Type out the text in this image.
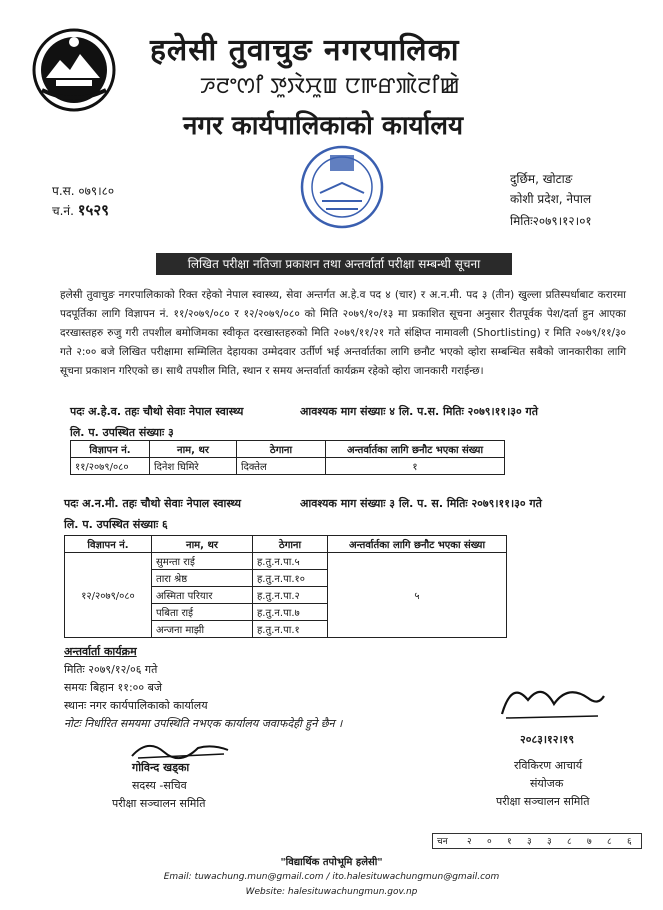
हलेसी तुवाचुङ नगरपालिका
ꯍꯂꯦꯁꯤ ꯇꯨꯋꯥꯆꯨꯡ ꯅꯒꯔꯄꯥꯂꯤꯀꯥ
नगर कार्यपालिकाको कार्यालय
प.स. ०७९।८०
च.नं. १५२९
दुर्छिम, खोटाङ
कोशी प्रदेश, नेपाल
मितिः२०७९।१२।०१
लिखित परीक्षा नतिजा प्रकाशन तथा अन्तर्वार्ता परीक्षा सम्बन्धी सूचना
हलेसी तुवाचुङ नगरपालिकाको रिक्त रहेको नेपाल स्वास्थ्य, सेवा अन्तर्गत अ.हे.व पद ४ (चार) र अ.न.मी. पद ३ (तीन) खुल्ला प्रतिस्पर्धाबाट करारमा पदपूर्तिका लागि विज्ञापन नं. ११/२०७९/०८० र १२/२०७९/०८० को मिति २०७९/१०/१३ मा प्रकाशित सूचना अनुसार रीतपूर्वक पेश/दर्ता हुन आएका दरखास्तहरु रुजु गरी तपशील बमोजिमका स्वीकृत दरखास्तहरुको मिति २०७९/११/२१ गते संक्षिप्त नामावली (Shortlisting) र मिति २०७९/११/३० गते २:०० बजे लिखित परीक्षामा सम्मिलित देहायका उम्मेदवार उर्तीर्ण भई अन्तर्वार्तका लागि छनौट भएको व्होरा सम्बन्धित सबैको जानकारीका लागि सूचना प्रकाशन गरिएको छ। साथै तपशील मिति, स्थान र समय अन्तर्वार्ता कार्यक्रम रहेको व्होरा जानकारी गराईन्छ।
पदः अ.हे.व. तहः चौथो सेवाः नेपाल स्वास्थ्य	आवश्यक माग संख्याः ४ लि. प.स. मितिः २०७९।११।३० गते
लि. प. उपस्थित संख्याः ३
विज्ञापन नं.	नाम, थर	ठेगाना	अन्तर्वार्तका लागि छनौट भएका संख्या
११/२०७९/०८०	दिनेश घिमिरे	दिक्तेल	१
पदः अ.न.मी. तहः चौथो सेवाः नेपाल स्वास्थ्य	आवश्यक माग संख्याः ३ लि. प. स. मितिः २०७९।११।३० गते
लि. प. उपस्थित संख्याः ६
विज्ञापन नं.	नाम, थर	ठेगाना	अन्तर्वार्तका लागि छनौट भएका संख्या
१२/२०७९/०८०	सुमन्ता राई	ह.तु.न.पा.५	५
	तारा श्रेष्ठ	ह.तु.न.पा.१०	
	अस्मिता परियार	ह.तु.न.पा.२	
	पबिता राई	ह.तु.न.पा.७	
	अन्जना माझी	ह.तु.न.पा.१	
अन्तर्वार्ता कार्यक्रम
मितिः २०७९/१२/०६ गते
समयः बिहान ११:०० बजे
स्थानः नगर कार्यपालिकाको कार्यालय
नोटः निर्धारित समयमा उपस्थिति नभएक कार्यालय जवाफदेही हुने छैन ।
गोविन्द खड्का
सदस्य -सचिव
परीक्षा सञ्चालन समिति
२०८३।१२।१९
रविकिरण आचार्य
संयोजक
परीक्षा सञ्चालन समिति
चन २ ० १ ३ ३ ८ ७ ८ ६
"विद्यार्थिक तपोभूमि हलेसी"
Email: tuwachung.mun@gmail.com / ito.halesituwachungmun@gmail.com
Website: halesituwachungmun.gov.np
